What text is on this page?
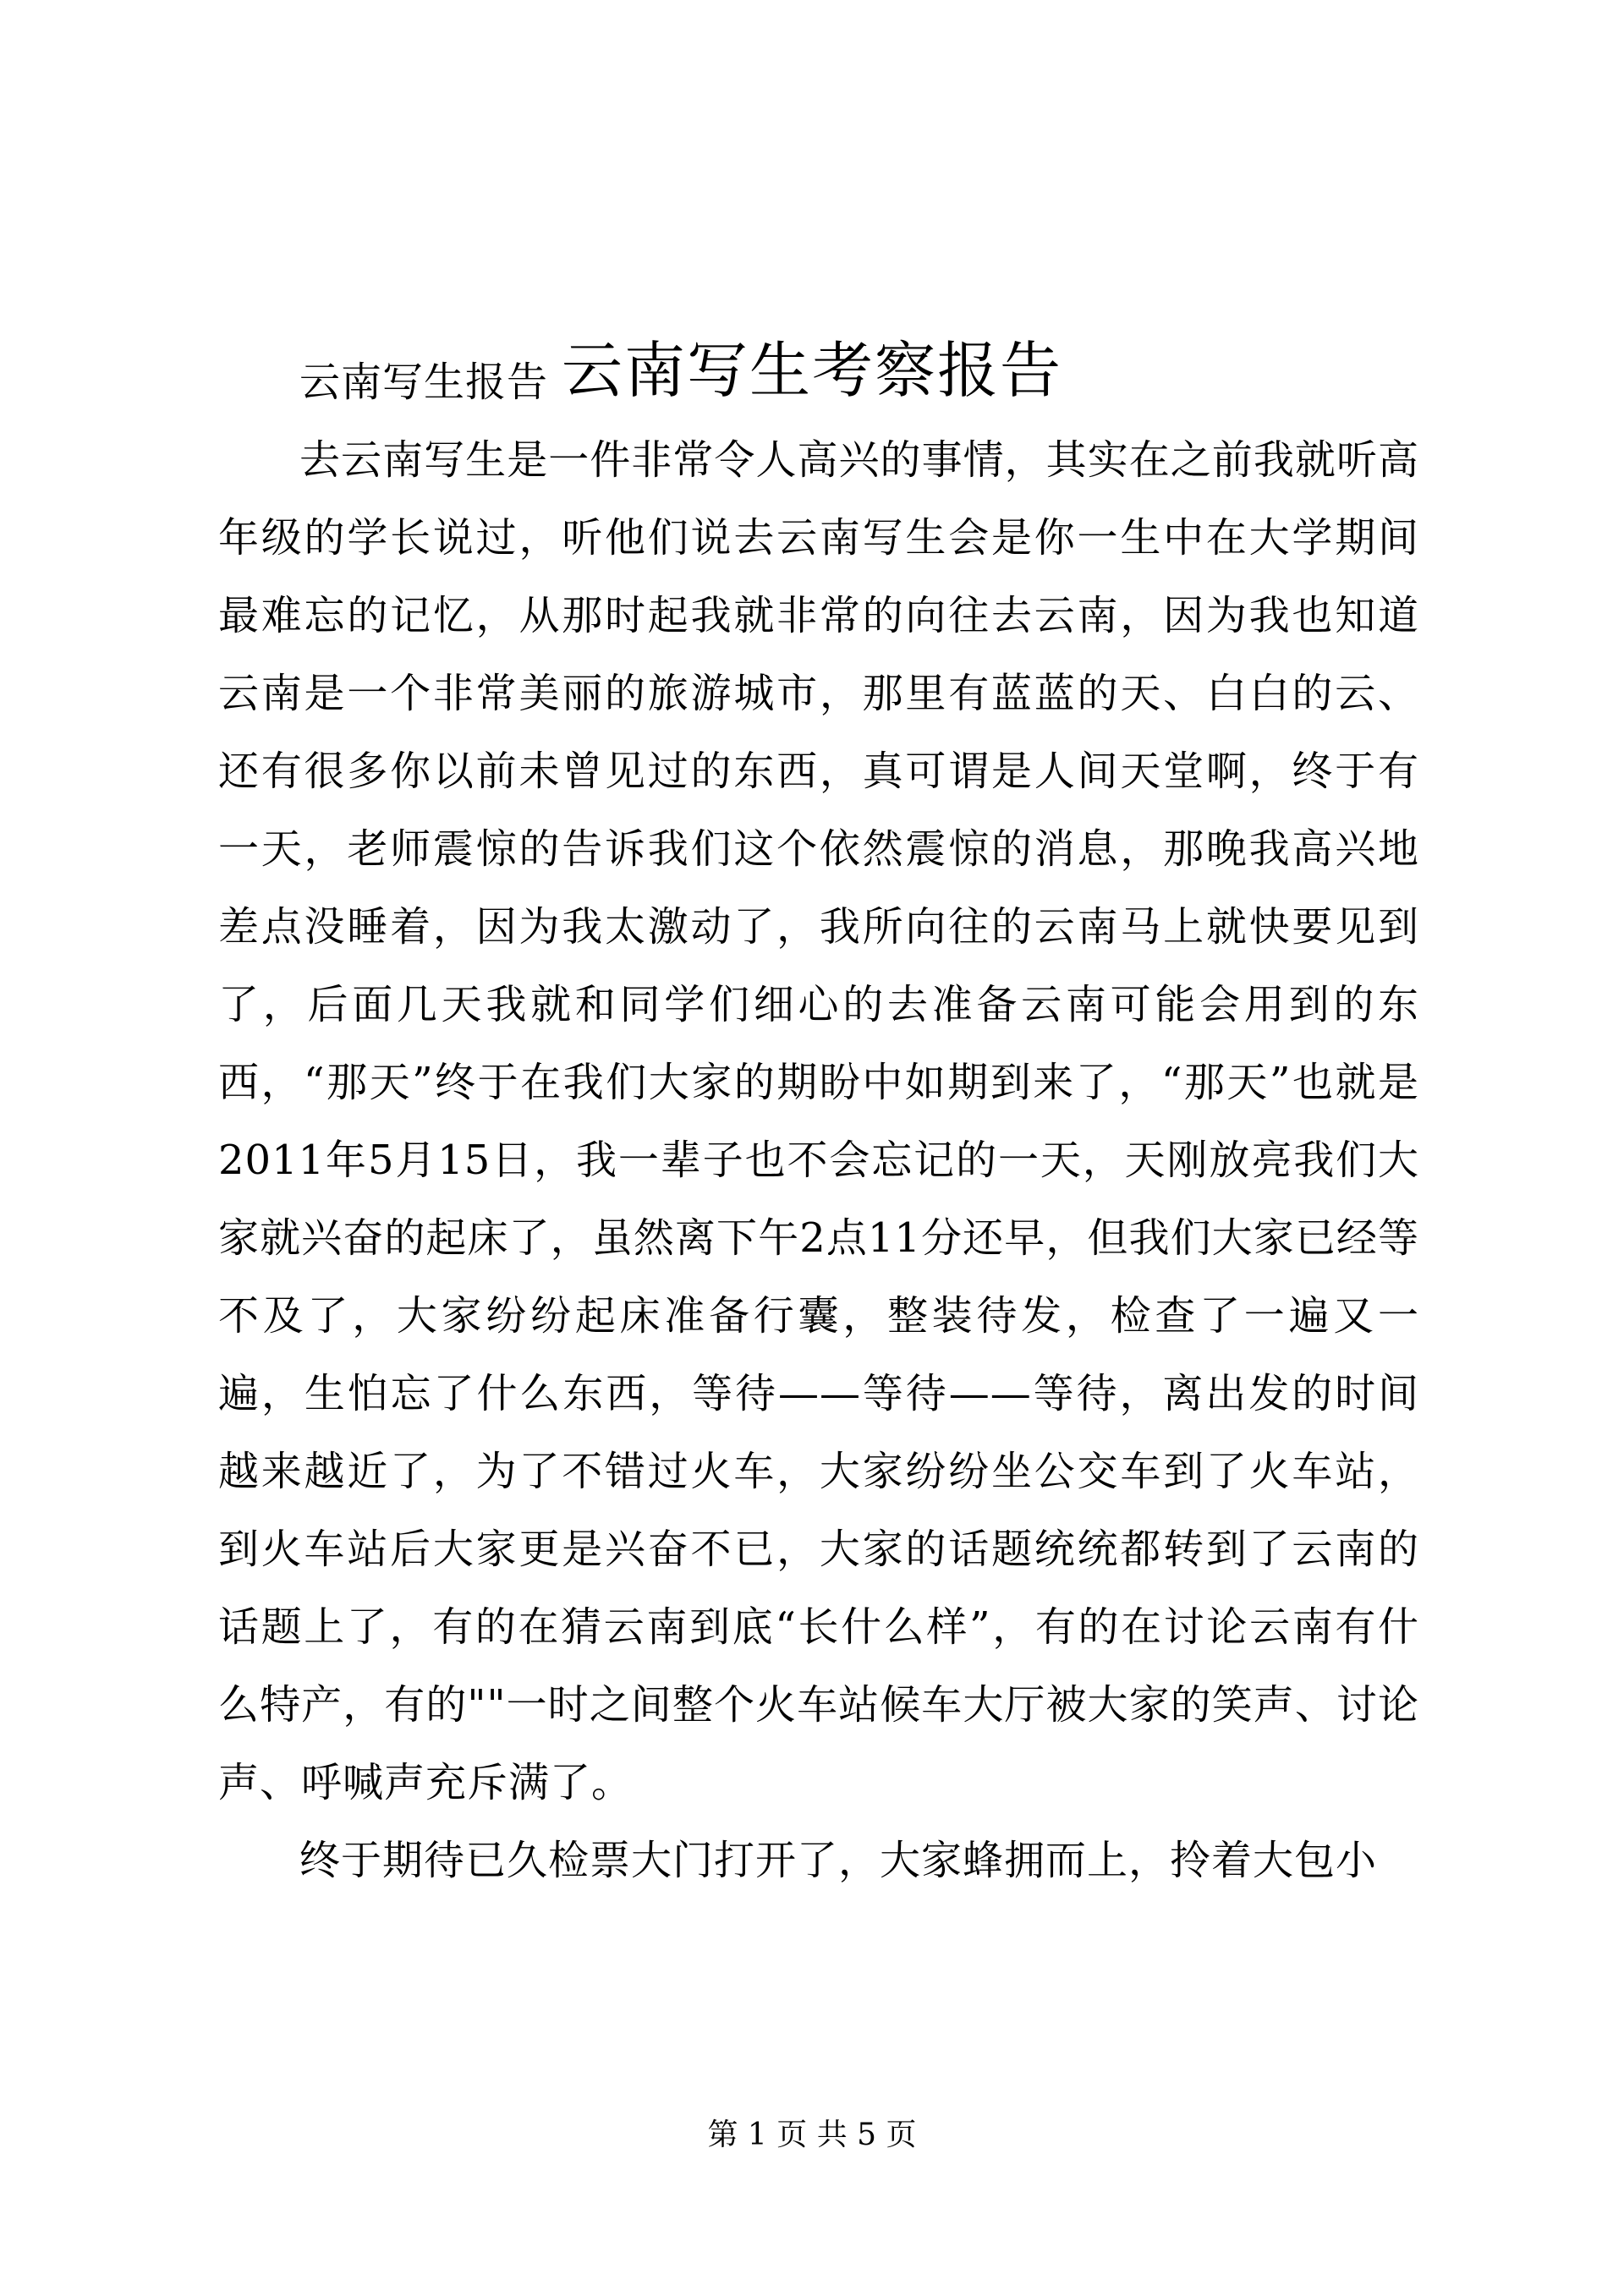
云南写生考察报告

云南写生报告

去云南写生是一件非常令人高兴的事情，其实在之前我就听高年级的学长说过，听他们说去云南写生会是你一生中在大学期间最难忘的记忆，从那时起我就非常的向往去云南，因为我也知道云南是一个非常美丽的旅游城市，那里有蓝蓝的天、白白的云、还有很多你以前未曾见过的东西，真可谓是人间天堂啊，终于有一天，老师震惊的告诉我们这个依然震惊的消息，那晚我高兴地差点没睡着，因为我太激动了，我所向往的云南马上就快要见到了，后面几天我就和同学们细心的去准备云南可能会用到的东西，“那天”终于在我们大家的期盼中如期到来了，“那天”也就是2011年5月15日，我一辈子也不会忘记的一天，天刚放亮我们大家就兴奋的起床了，虽然离下午2点11分还早，但我们大家已经等不及了，大家纷纷起床准备行囊，整装待发，检查了一遍又一遍，生怕忘了什么东西，等待——等待——等待，离出发的时间越来越近了，为了不错过火车，大家纷纷坐公交车到了火车站，到火车站后大家更是兴奋不已，大家的话题统统都转到了云南的话题上了，有的在猜云南到底“长什么样”，有的在讨论云南有什么特产，有的""一时之间整个火车站候车大厅被大家的笑声、讨论声、呼喊声充斥满了。

终于期待已久检票大门打开了，大家蜂拥而上，拎着大包小

第 1 页 共 5 页
